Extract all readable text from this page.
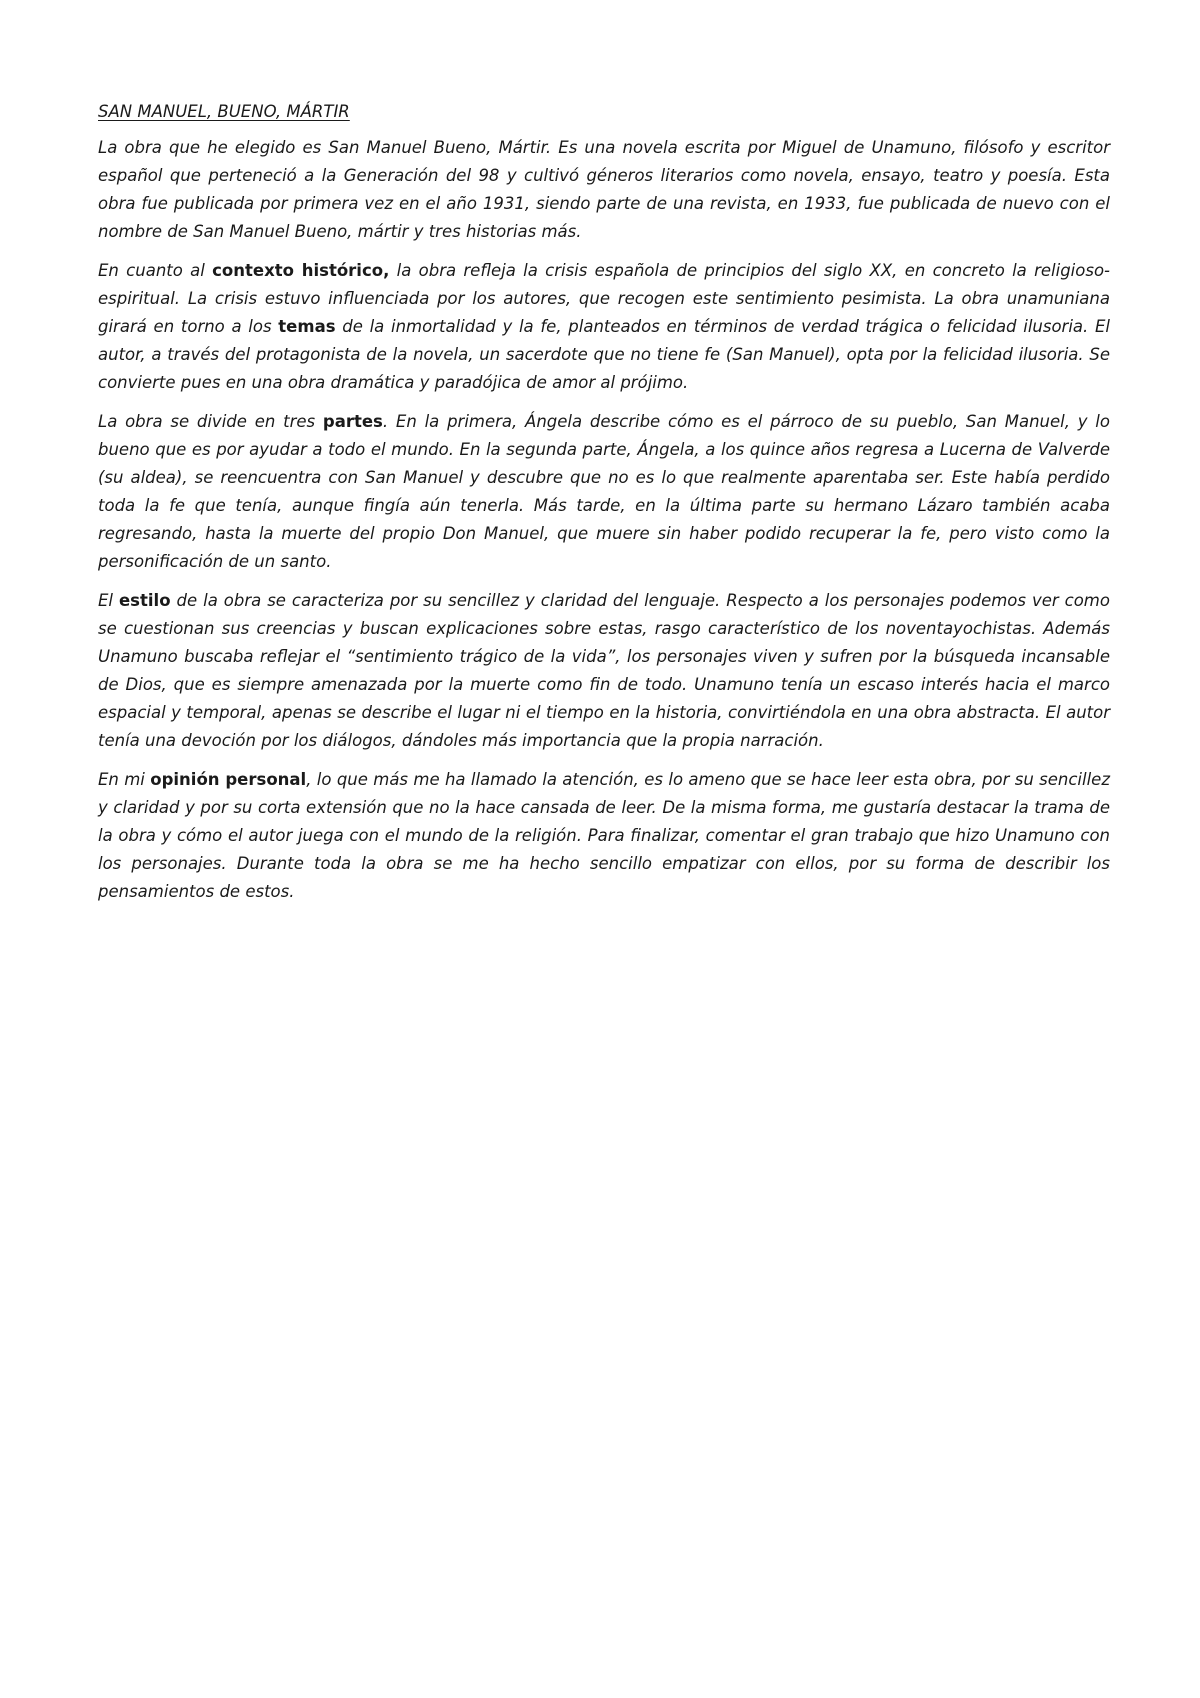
SAN MANUEL, BUENO, MÁRTIR

La obra que he elegido es San Manuel Bueno, Mártir. Es una novela escrita por Miguel de Unamuno, filósofo y escritor español que perteneció a la Generación del 98 y cultivó géneros literarios como novela, ensayo, teatro y poesía. Esta obra fue publicada por primera vez en el año 1931, siendo parte de una revista, en 1933, fue publicada de nuevo con el nombre de San Manuel Bueno, mártir y tres historias más.

En cuanto al contexto histórico, la obra refleja la crisis española de principios del siglo XX, en concreto la religioso-espiritual. La crisis estuvo influenciada por los autores, que recogen este sentimiento pesimista. La obra unamuniana girará en torno a los temas de la inmortalidad y la fe, planteados en términos de verdad trágica o felicidad ilusoria. El autor, a través del protagonista de la novela, un sacerdote que no tiene fe (San Manuel), opta por la felicidad ilusoria. Se convierte pues en una obra dramática y paradójica de amor al prójimo.

La obra se divide en tres partes. En la primera, Ángela describe cómo es el párroco de su pueblo, San Manuel, y lo bueno que es por ayudar a todo el mundo. En la segunda parte, Ángela, a los quince años regresa a Lucerna de Valverde (su aldea), se reencuentra con San Manuel y descubre que no es lo que realmente aparentaba ser. Este había perdido toda la fe que tenía, aunque fingía aún tenerla. Más tarde, en la última parte su hermano Lázaro también acaba regresando, hasta la muerte del propio Don Manuel, que muere sin haber podido recuperar la fe, pero visto como la personificación de un santo.

El estilo de la obra se caracteriza por su sencillez y claridad del lenguaje. Respecto a los personajes podemos ver como se cuestionan sus creencias y buscan explicaciones sobre estas, rasgo característico de los noventayochistas. Además Unamuno buscaba reflejar el “sentimiento trágico de la vida”, los personajes viven y sufren por la búsqueda incansable de Dios, que es siempre amenazada por la muerte como fin de todo. Unamuno tenía un escaso interés hacia el marco espacial y temporal, apenas se describe el lugar ni el tiempo en la historia, convirtiéndola en una obra abstracta. El autor tenía una devoción por los diálogos, dándoles más importancia que la propia narración.

En mi opinión personal, lo que más me ha llamado la atención, es lo ameno que se hace leer esta obra, por su sencillez y claridad y por su corta extensión que no la hace cansada de leer. De la misma forma, me gustaría destacar la trama de la obra y cómo el autor juega con el mundo de la religión. Para finalizar, comentar el gran trabajo que hizo Unamuno con los personajes. Durante toda la obra se me ha hecho sencillo empatizar con ellos, por su forma de describir los pensamientos de estos.
